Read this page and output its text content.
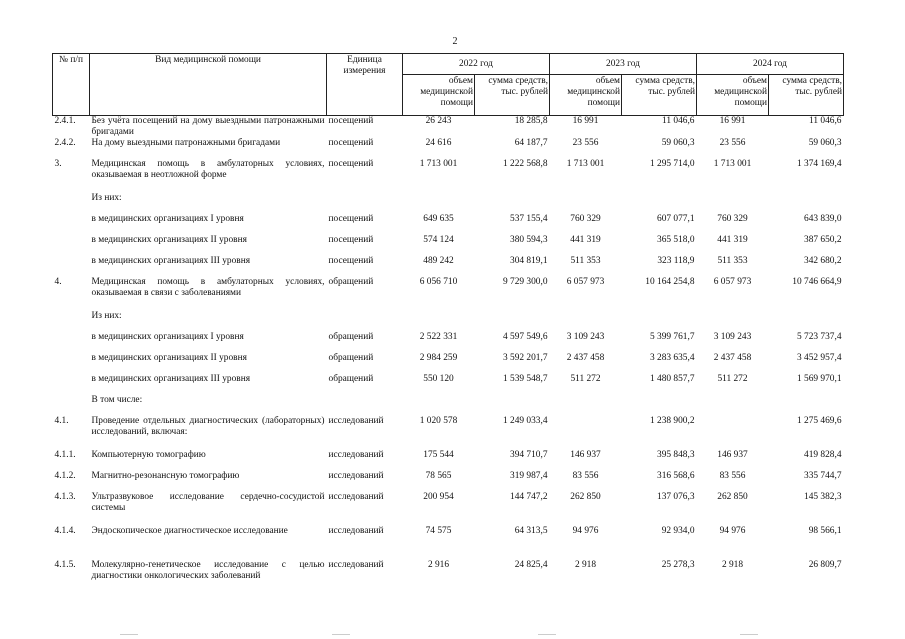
2
№ п/п	Вид медицинской помощи	Единица измерения	2022 год		2023 год		2024 год	

			объем медицинской помощи	сумма средств, тыс. рублей	объем медицинской помощи	сумма средств, тыс. рублей	объем медицинской помощи	сумма средств, тыс. рублей

2.4.1.	Без учёта посещений на дому выездными патронажными бригадами	посещений	26 243	18 285,8	16 991	11 046,6	16 991	11 046,6
2.4.2.	На дому выездными патронажными бригадами	посещений	24 616	64 187,7	23 556	59 060,3	23 556	59 060,3
3.	Медицинская помощь в амбулаторных условиях, оказываемая в неотложной форме	посещений	1 713 001	1 222 568,8	1 713 001	1 295 714,0	1 713 001	1 374 169,4
	Из них:							
	в медицинских организациях I уровня	посещений	649 635	537 155,4	760 329	607 077,1	760 329	643 839,0
	в медицинских организациях II уровня	посещений	574 124	380 594,3	441 319	365 518,0	441 319	387 650,2
	в медицинских организациях III уровня	посещений	489 242	304 819,1	511 353	323 118,9	511 353	342 680,2
4.	Медицинская помощь в амбулаторных условиях, оказываемая в связи с заболеваниями	обращений	6 056 710	9 729 300,0	6 057 973	10 164 254,8	6 057 973	10 746 664,9
	Из них:							
	в медицинских организациях I уровня	обращений	2 522 331	4 597 549,6	3 109 243	5 399 761,7	3 109 243	5 723 737,4
	в медицинских организациях II уровня	обращений	2 984 259	3 592 201,7	2 437 458	3 283 635,4	2 437 458	3 452 957,4
	в медицинских организациях III уровня	обращений	550 120	1 539 548,7	511 272	1 480 857,7	511 272	1 569 970,1
	В том числе:							
4.1.	Проведение отдельных диагностических (лабораторных) исследований, включая:	исследований	1 020 578	1 249 033,4		1 238 900,2		1 275 469,6
4.1.1.	Компьютерную томографию	исследований	175 544	394 710,7	146 937	395 848,3	146 937	419 828,4
4.1.2.	Магнитно-резонансную томографию	исследований	78 565	319 987,4	83 556	316 568,6	83 556	335 744,7
4.1.3.	Ультразвуковое исследование сердечно-сосудистой системы	исследований	200 954	144 747,2	262 850	137 076,3	262 850	145 382,3
4.1.4.	Эндоскопическое диагностическое исследование	исследований	74 575	64 313,5	94 976	92 934,0	94 976	98 566,1
4.1.5.	Молекулярно-генетическое исследование с целью диагностики онкологических заболеваний	исследований	2 916	24 825,4	2 918	25 278,3	2 918	26 809,7
